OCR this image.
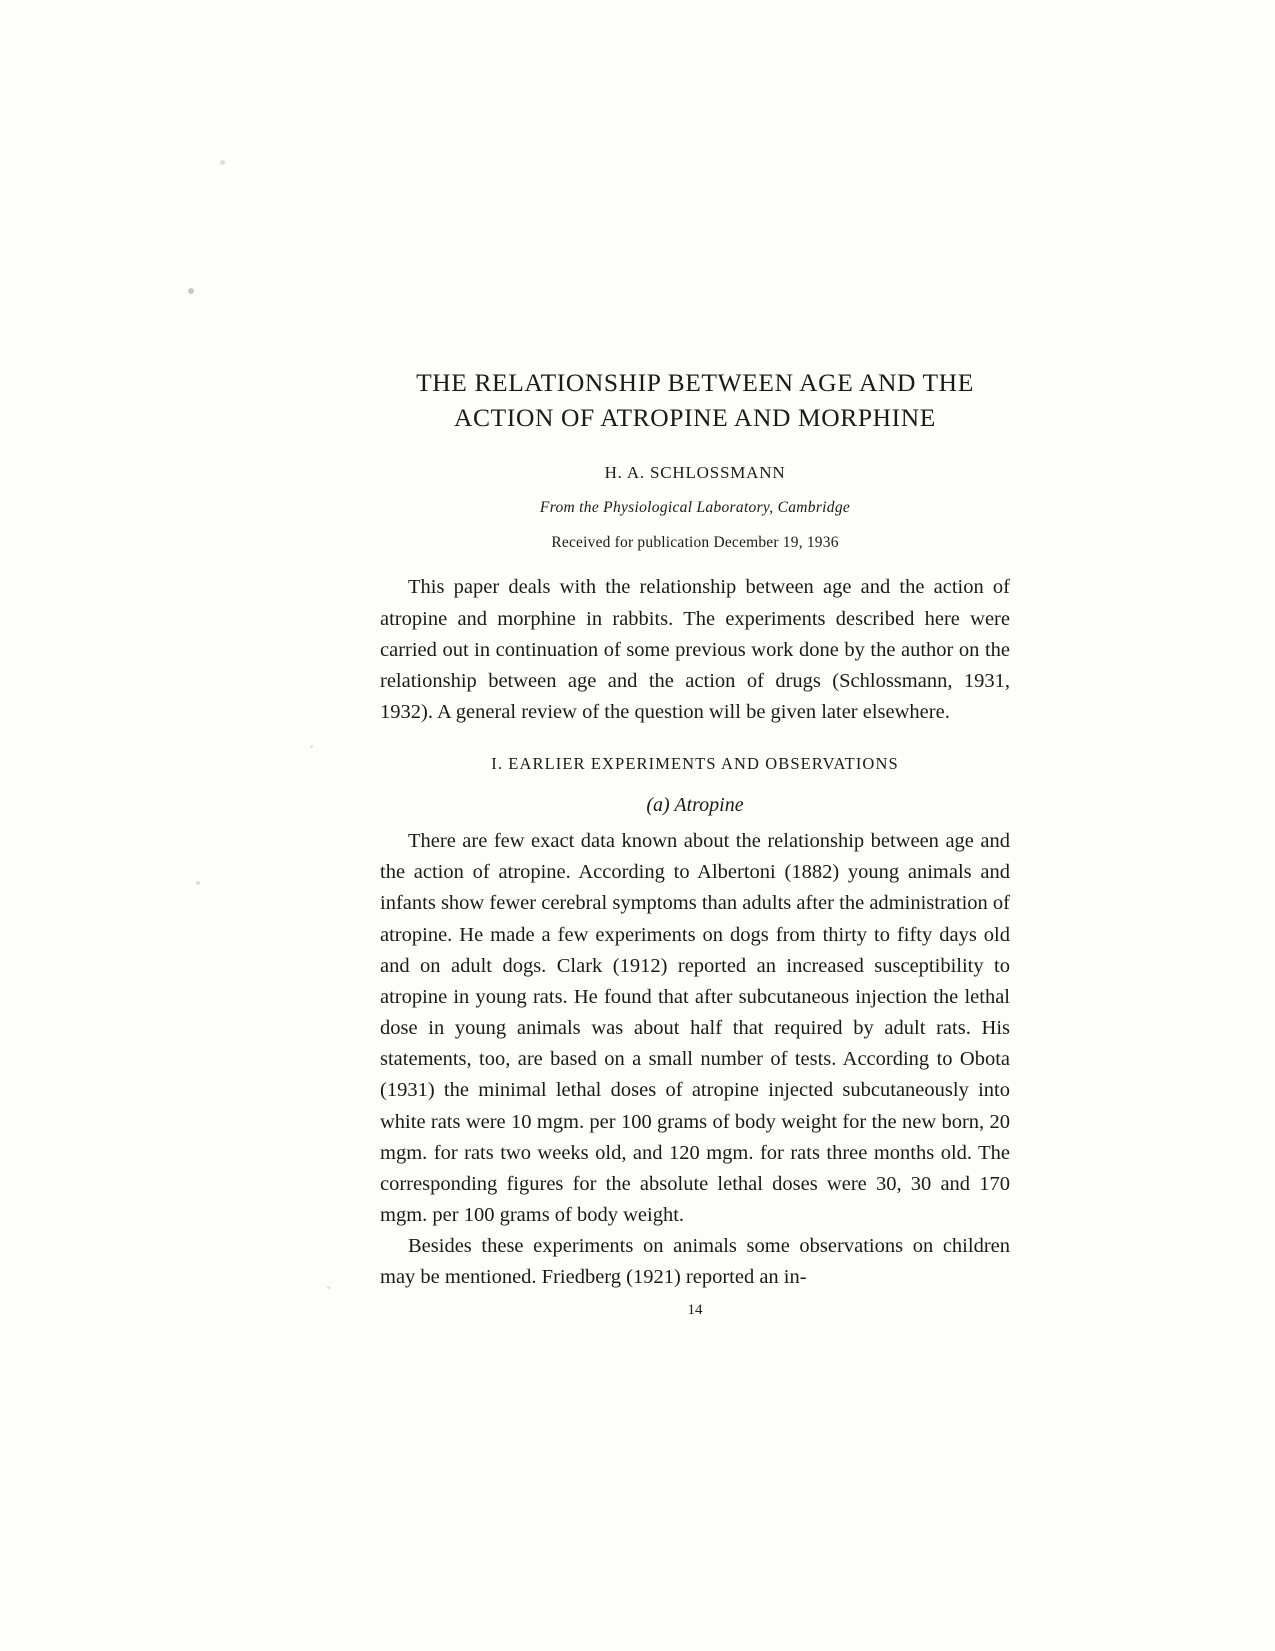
THE RELATIONSHIP BETWEEN AGE AND THE
ACTION OF ATROPINE AND MORPHINE
H. A. SCHLOSSMANN
From the Physiological Laboratory, Cambridge
Received for publication December 19, 1936

This paper deals with the relationship between age and the action of atropine and morphine in rabbits. The experiments described here were carried out in continuation of some previous work done by the author on the relationship between age and the action of drugs (Schlossmann, 1931, 1932). A general review of the question will be given later elsewhere.

I. EARLIER EXPERIMENTS AND OBSERVATIONS
(a) Atropine

There are few exact data known about the relationship between age and the action of atropine. According to Albertoni (1882) young animals and infants show fewer cerebral symptoms than adults after the administration of atropine. He made a few experiments on dogs from thirty to fifty days old and on adult dogs. Clark (1912) reported an increased susceptibility to atropine in young rats. He found that after subcutaneous injection the lethal dose in young animals was about half that required by adult rats. His statements, too, are based on a small number of tests. According to Obota (1931) the minimal lethal doses of atropine injected subcutaneously into white rats were 10 mgm. per 100 grams of body weight for the new born, 20 mgm. for rats two weeks old, and 120 mgm. for rats three months old. The corresponding figures for the absolute lethal doses were 30, 30 and 170 mgm. per 100 grams of body weight.

Besides these experiments on animals some observations on children may be mentioned. Friedberg (1921) reported an in-

14
